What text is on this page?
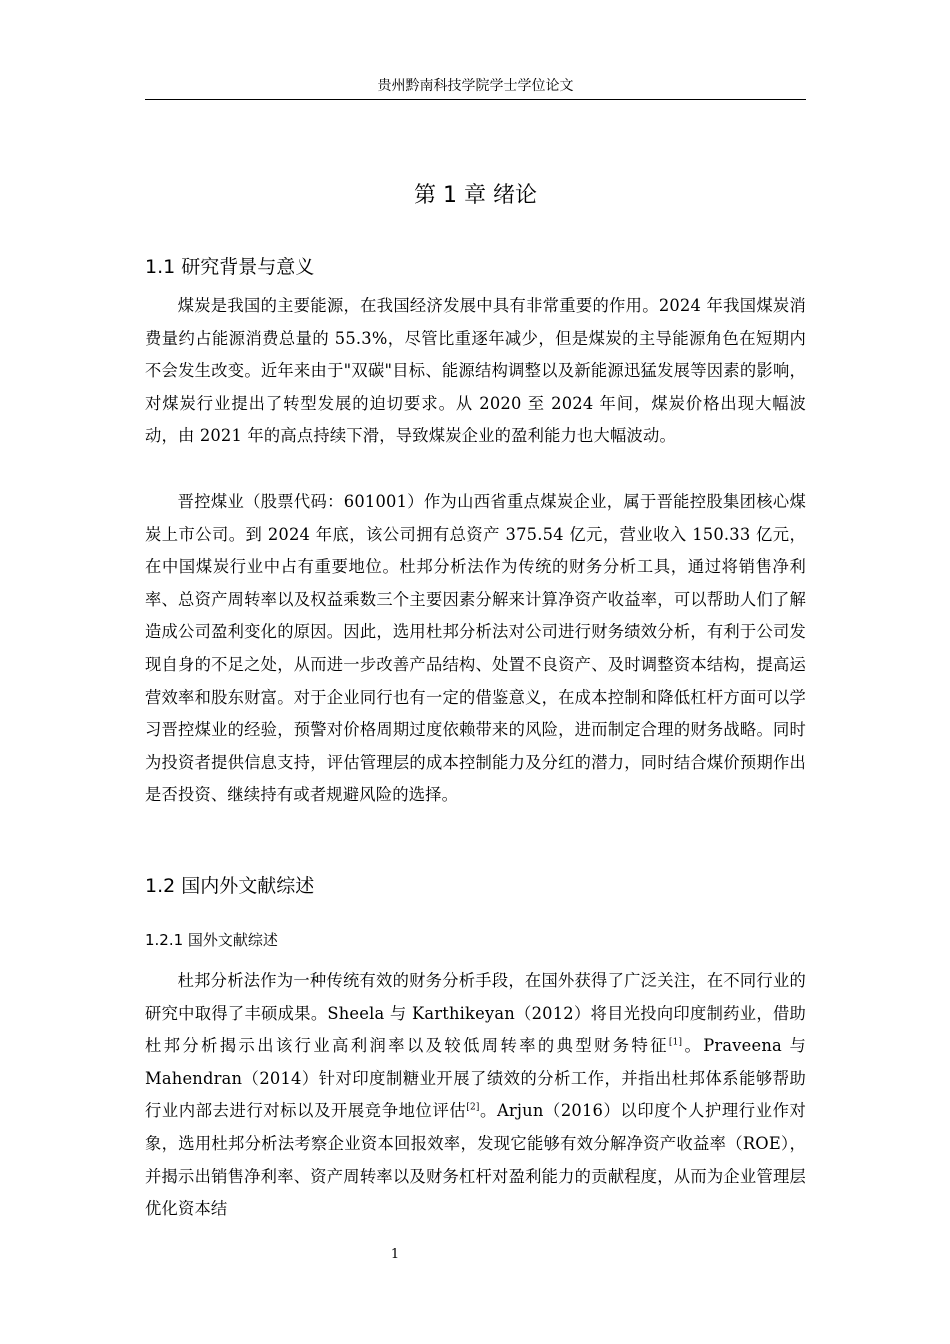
贵州黔南科技学院学士学位论文
第 1 章 绪论
1.1 研究背景与意义

煤炭是我国的主要能源，在我国经济发展中具有非常重要的作用。2024 年我国煤炭消费量约占能源消费总量的 55.3%，尽管比重逐年减少，但是煤炭的主导能源角色在短期内不会发生改变。近年来由于"双碳"目标、能源结构调整以及新能源迅猛发展等因素的影响，对煤炭行业提出了转型发展的迫切要求。从 2020 至 2024 年间，煤炭价格出现大幅波动，由 2021 年的高点持续下滑，导致煤炭企业的盈利能力也大幅波动。

晋控煤业（股票代码：601001）作为山西省重点煤炭企业，属于晋能控股集团核心煤炭上市公司。到 2024 年底，该公司拥有总资产 375.54 亿元，营业收入 150.33 亿元，在中国煤炭行业中占有重要地位。杜邦分析法作为传统的财务分析工具，通过将销售净利率、总资产周转率以及权益乘数三个主要因素分解来计算净资产收益率，可以帮助人们了解造成公司盈利变化的原因。因此，选用杜邦分析法对公司进行财务绩效分析，有利于公司发现自身的不足之处，从而进一步改善产品结构、处置不良资产、及时调整资本结构，提高运营效率和股东财富。对于企业同行也有一定的借鉴意义，在成本控制和降低杠杆方面可以学习晋控煤业的经验，预警对价格周期过度依赖带来的风险，进而制定合理的财务战略。同时为投资者提供信息支持，评估管理层的成本控制能力及分红的潜力，同时结合煤价预期作出是否投资、继续持有或者规避风险的选择。

1.2 国内外文献综述
1.2.1 国外文献综述

杜邦分析法作为一种传统有效的财务分析手段，在国外获得了广泛关注，在不同行业的研究中取得了丰硕成果。Sheela 与 Karthikeyan（2012）将目光投向印度制药业，借助杜邦分析揭示出该行业高利润率以及较低周转率的典型财务特征[1]。Praveena 与 Mahendran（2014）针对印度制糖业开展了绩效的分析工作，并指出杜邦体系能够帮助行业内部去进行对标以及开展竞争地位评估[2]。Arjun（2016）以印度个人护理行业作对象，选用杜邦分析法考察企业资本回报效率，发现它能够有效分解净资产收益率（ROE），并揭示出销售净利率、资产周转率以及财务杠杆对盈利能力的贡献程度，从而为企业管理层优化资本结

1
